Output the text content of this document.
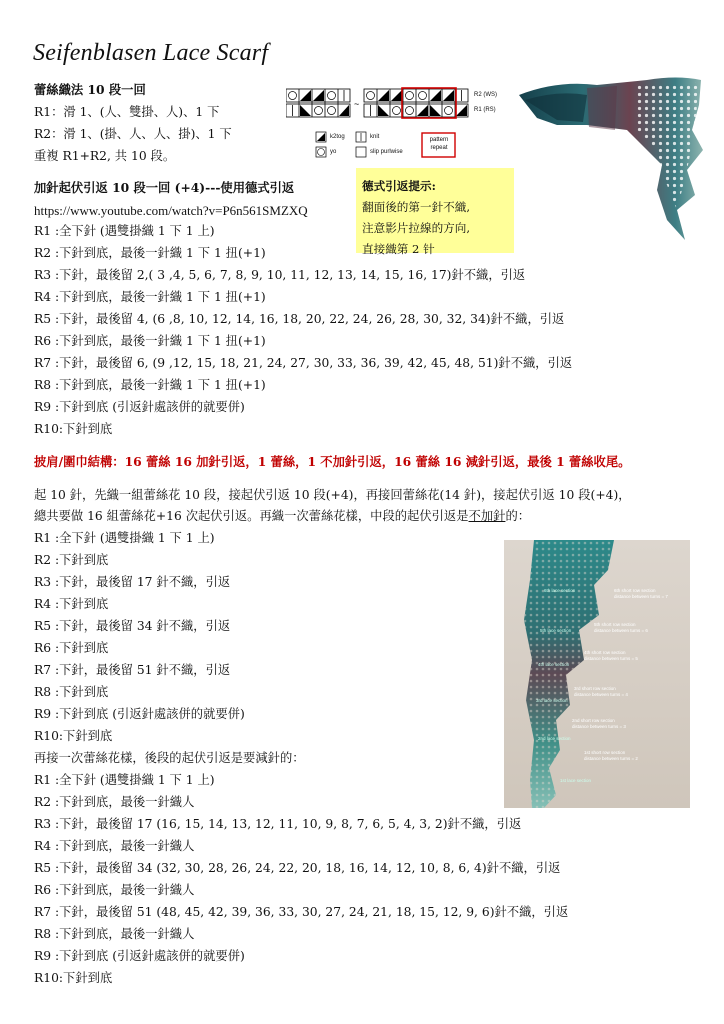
Seifenblasen Lace Scarf
蕾絲織法 10 段一回
R1：滑 1、(人、雙掛、人)、1 下
R2：滑 1、(掛、人、人、掛)、1 下
重複 R1+R2, 共 10 段。
~
R2 (WS)
R1 (RS)
k2tog
yo
knit
slip purlwise
pattern
repeat
德式引返提示:
翻面後的第一針不織,
注意影片拉線的方向,
直接織第 2 针
加針起伏引返 10 段一回 (+4)---使用德式引返
https://www.youtube.com/watch?v=P6n561SMZXQ
R1 :全下針 (遇雙掛織 1 下 1 上)
R2 :下針到底，最後一針織 1 下 1 扭(+1)
R3 :下針，最後留 2,( 3 ,4, 5, 6, 7, 8, 9, 10, 11, 12, 13, 14, 15, 16, 17)針不織，引返
R4 :下針到底，最後一針織 1 下 1 扭(+1)
R5 :下針，最後留 4, (6 ,8, 10, 12, 14, 16, 18, 20, 22, 24, 26, 28, 30, 32, 34)針不織，引返
R6 :下針到底，最後一針織 1 下 1 扭(+1)
R7 :下針，最後留 6, (9 ,12, 15, 18, 21, 24, 27, 30, 33, 36, 39, 42, 45, 48, 51)針不織，引返
R8 :下針到底，最後一針織 1 下 1 扭(+1)
R9 :下針到底 (引返針處該併的就要併)
R10:下針到底
披肩/圍巾結構：16 蕾絲 16 加針引返，1 蕾絲，1 不加針引返，16 蕾絲 16 減針引返，最後 1 蕾絲收尾。
起 10 針，先織一組蕾絲花 10 段，接起伏引返 10 段(+4)，再接回蕾絲花(14 針)，接起伏引返 10 段(+4)，
總共要做 16 組蕾絲花+16 次起伏引返。再織一次蕾絲花樣，中段的起伏引返是不加針的：
R1 :全下針 (遇雙掛織 1 下 1 上)
R2 :下針到底
R3 :下針，最後留 17 針不織，引返
R4 :下針到底
R5 :下針，最後留 34 針不織，引返
R6 :下針到底
R7 :下針，最後留 51 針不織，引返
R8 :下針到底
R9 :下針到底 (引返針處該併的就要併)
R10:下針到底
再接一次蕾絲花樣，後段的起伏引返是要減針的：
R1 :全下針 (遇雙掛織 1 下 1 上)
R2 :下針到底，最後一針織人
R3 :下針，最後留 17 (16, 15, 14, 13, 12, 11, 10, 9, 8, 7, 6, 5, 4, 3, 2)針不織，引返
R4 :下針到底，最後一針織人
R5 :下針，最後留 34 (32, 30, 28, 26, 24, 22, 20, 18, 16, 14, 12, 10, 8, 6, 4)針不織，引返
R6 :下針到底，最後一針織人
R7 :下針，最後留 51 (48, 45, 42, 39, 36, 33, 30, 27, 24, 21, 18, 15, 12, 9, 6)針不織，引返
R8 :下針到底，最後一針織人
R9 :下針到底 (引返針處該併的就要併)
R10:下針到底
6th short row section
distance between turns = 7
5th short row section
distance between turns = 6
4th short row section
distance between turns = 5
3rd short row section
distance between turns = 4
2nd short row section
distance between turns = 3
1st short row section
distance between turns = 2
6th lace section
5th lace section
4th lace section
3rd lace section
2nd lace section
1st lace section
